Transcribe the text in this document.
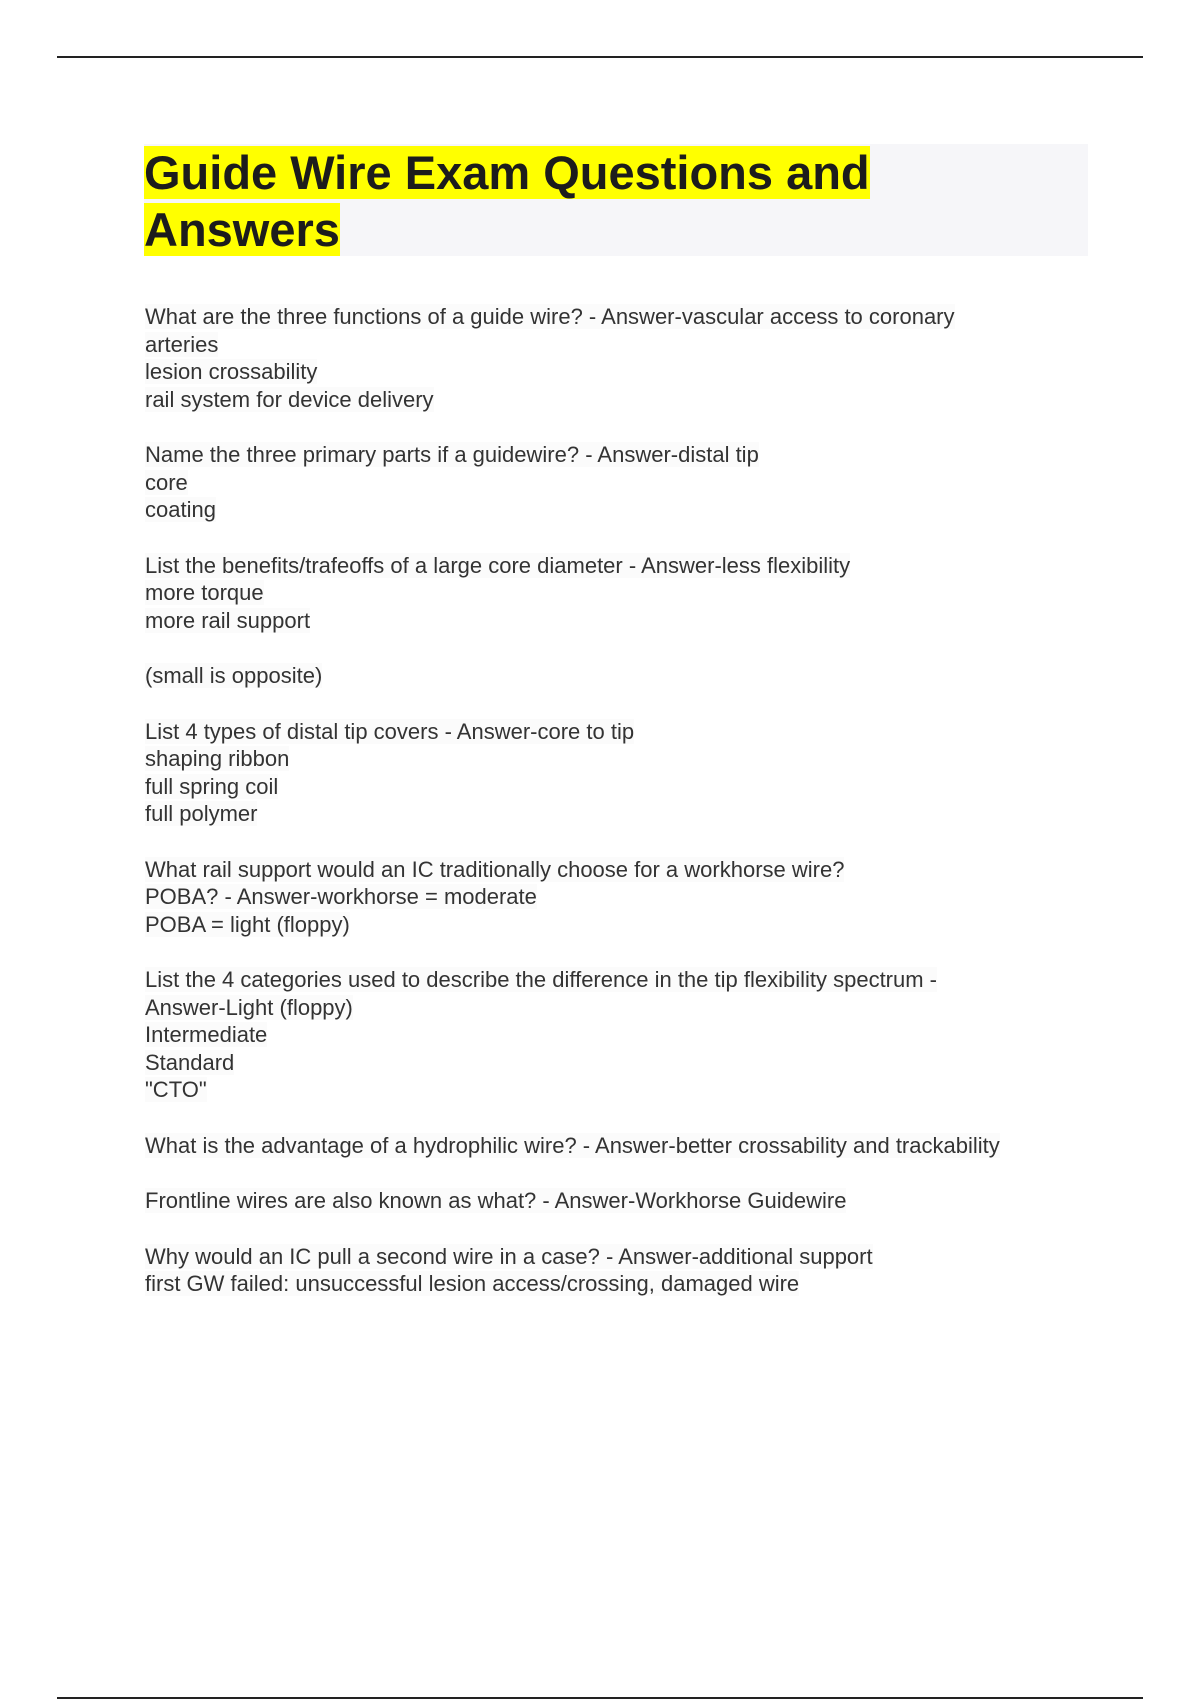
Guide Wire Exam Questions and
Answers
What are the three functions of a guide wire? - Answer-vascular access to coronary
arteries
lesion crossability
rail system for device delivery
Name the three primary parts if a guidewire? - Answer-distal tip
core
coating
List the benefits/trafeoffs of a large core diameter - Answer-less flexibility
more torque
more rail support
(small is opposite)
List 4 types of distal tip covers - Answer-core to tip
shaping ribbon
full spring coil
full polymer
What rail support would an IC traditionally choose for a workhorse wire?
POBA? - Answer-workhorse = moderate
POBA = light (floppy)
List the 4 categories used to describe the difference in the tip flexibility spectrum -
Answer-Light (floppy)
Intermediate
Standard
"CTO"
What is the advantage of a hydrophilic wire? - Answer-better crossability and trackability
Frontline wires are also known as what? - Answer-Workhorse Guidewire
Why would an IC pull a second wire in a case? - Answer-additional support
first GW failed: unsuccessful lesion access/crossing, damaged wire
